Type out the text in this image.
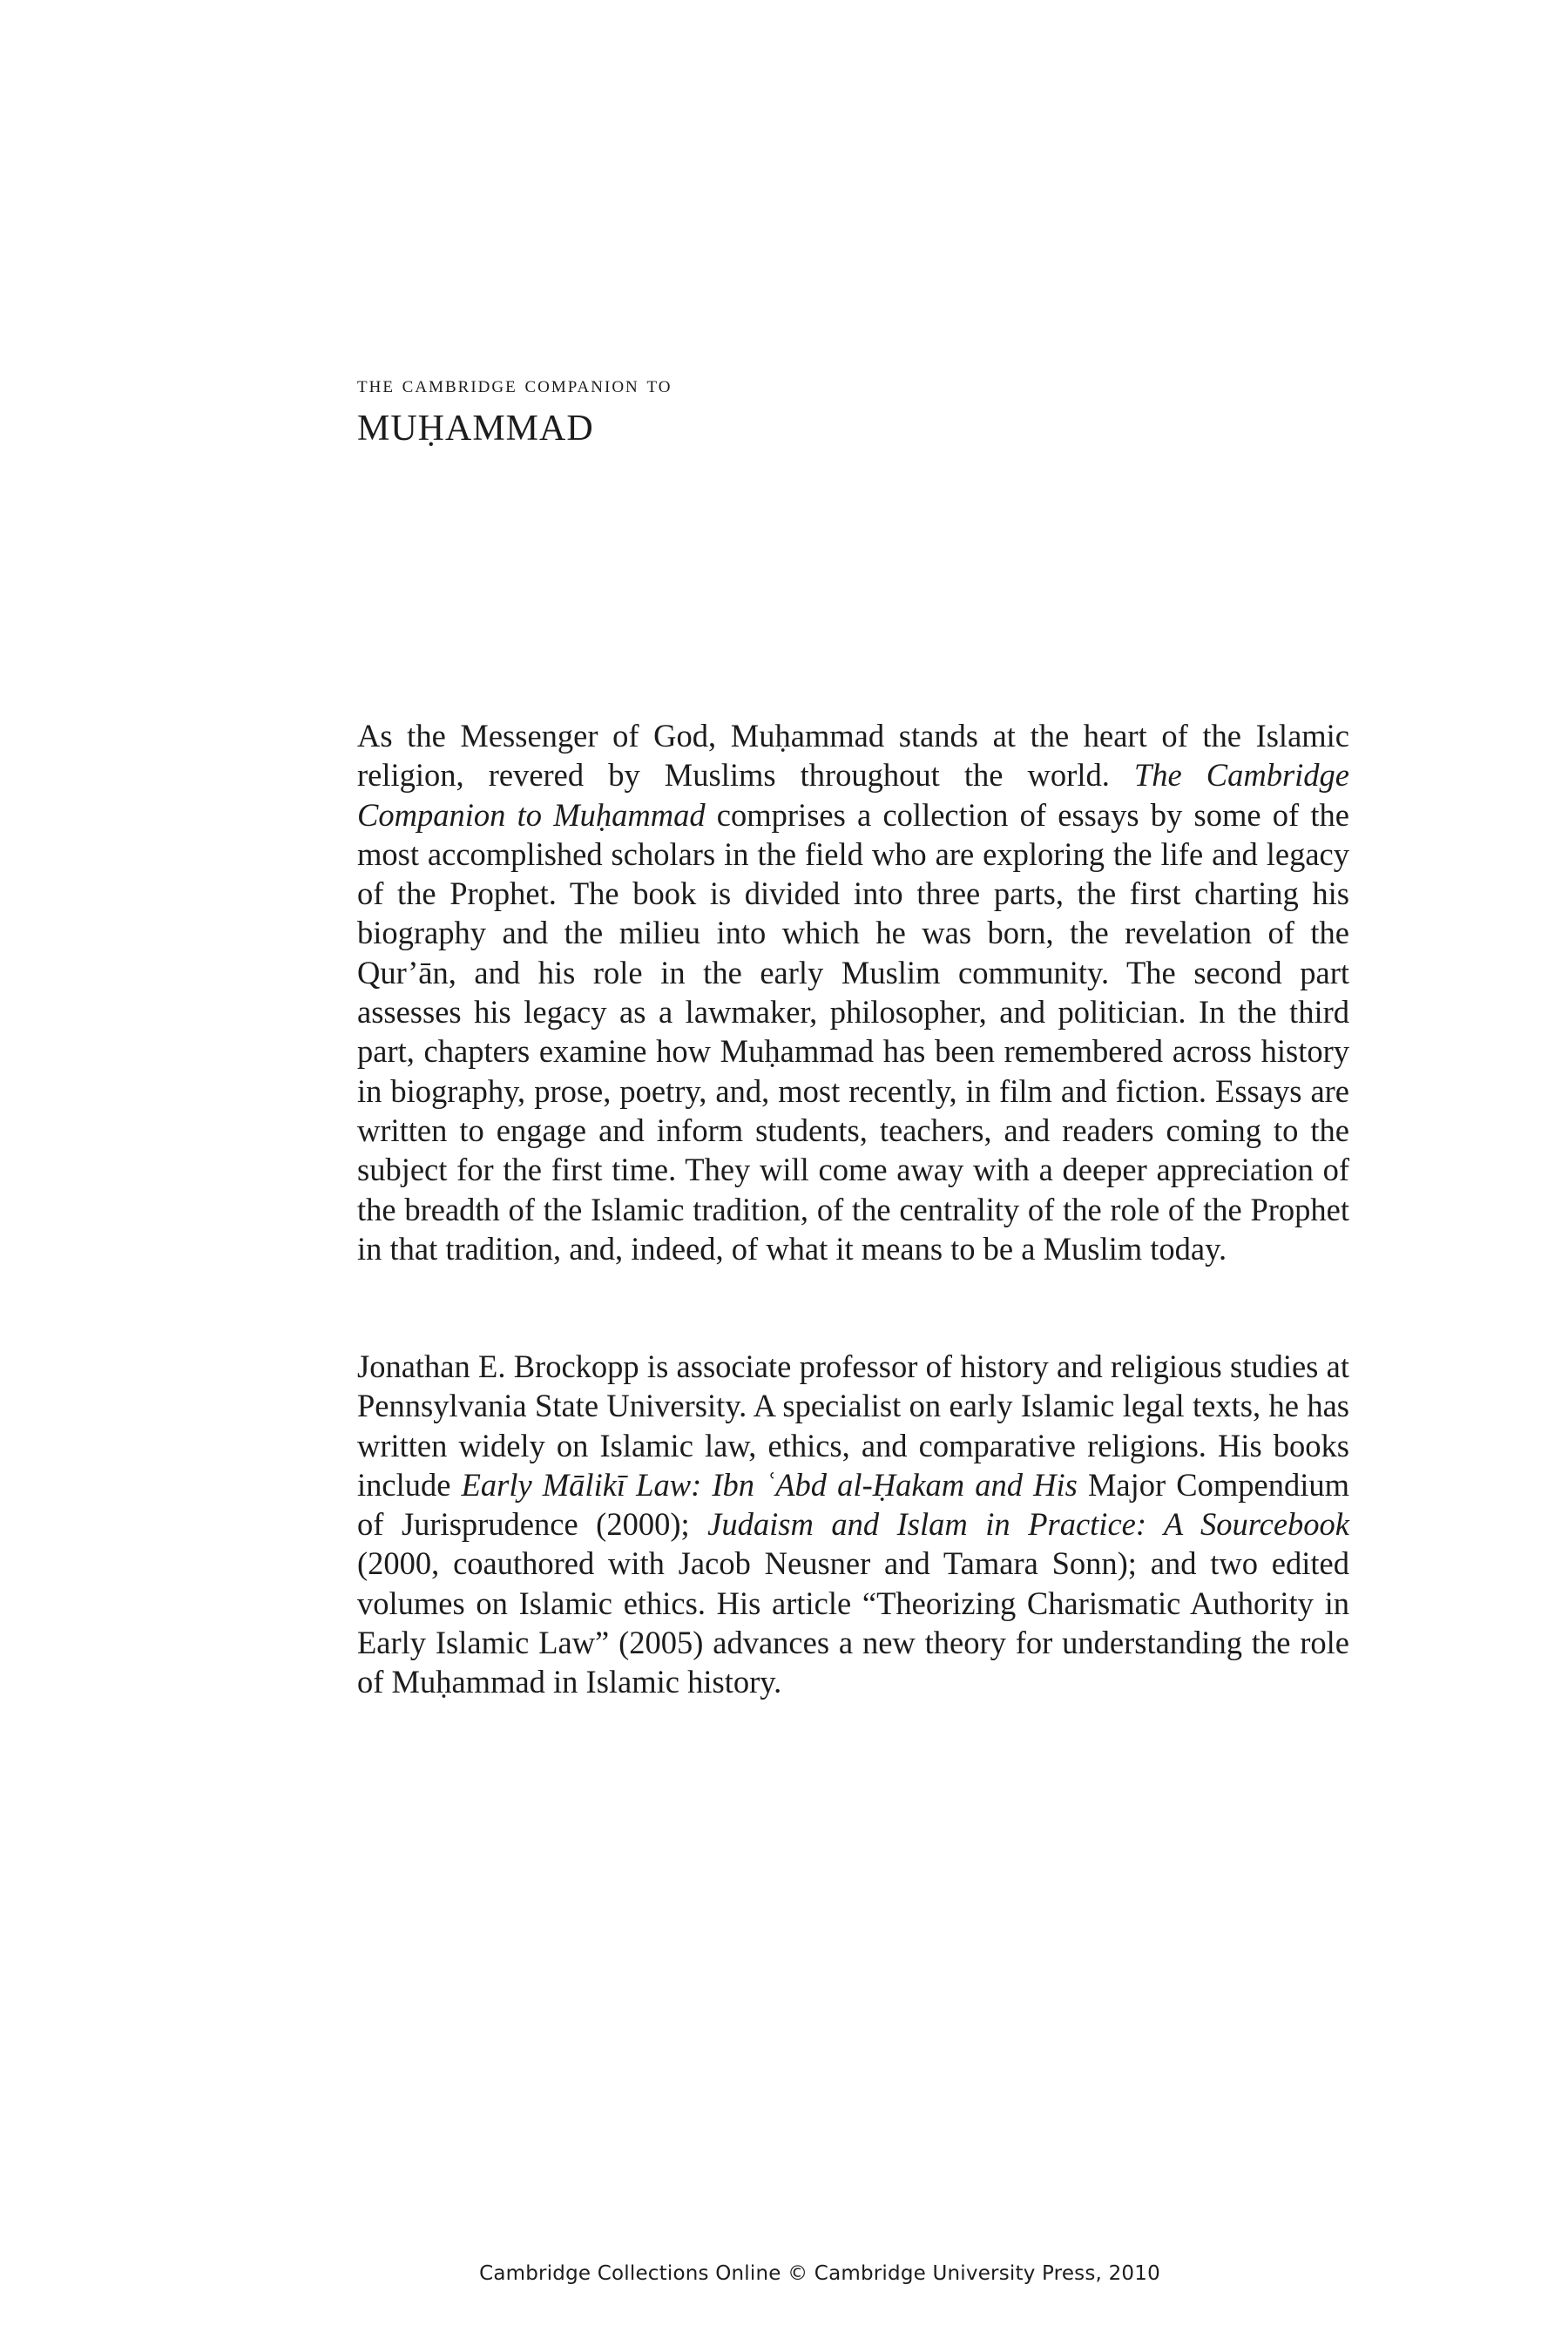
the cambridge companion to
MUḤAMMAD
As the Messenger of God, Muḥammad stands at the heart of the Islamic religion, revered by Muslims throughout the world. The Cambridge Companion to Muḥammad comprises a collection of essays by some of the most accomplished scholars in the field who are exploring the life and legacy of the Prophet. The book is divided into three parts, the first charting his biography and the milieu into which he was born, the revelation of the Qur’ān, and his role in the early Muslim community. The second part assesses his legacy as a lawmaker, philosopher, and politician. In the third part, chapters examine how Muḥammad has been remembered across history in biography, prose, poetry, and, most recently, in film and fiction. Essays are written to engage and inform students, teachers, and readers coming to the subject for the first time. They will come away with a deeper appreciation of the breadth of the Islamic tradition, of the centrality of the role of the Prophet in that tradition, and, indeed, of what it means to be a Muslim today.
Jonathan E. Brockopp is associate professor of history and religious studies at Pennsylvania State University. A specialist on early Islamic legal texts, he has written widely on Islamic law, ethics, and comparative religions. His books include Early Mālikī Law: Ibn ʿAbd al-Ḥakam and His Major Compendium of Jurisprudence (2000); Judaism and Islam in Practice: A Sourcebook (2000, coauthored with Jacob Neusner and Tamara Sonn); and two edited volumes on Islamic ethics. His article “Theorizing Charismatic Authority in Early Islamic Law” (2005) advances a new theory for understanding the role of Muḥammad in Islamic history.
Cambridge Collections Online © Cambridge University Press, 2010
